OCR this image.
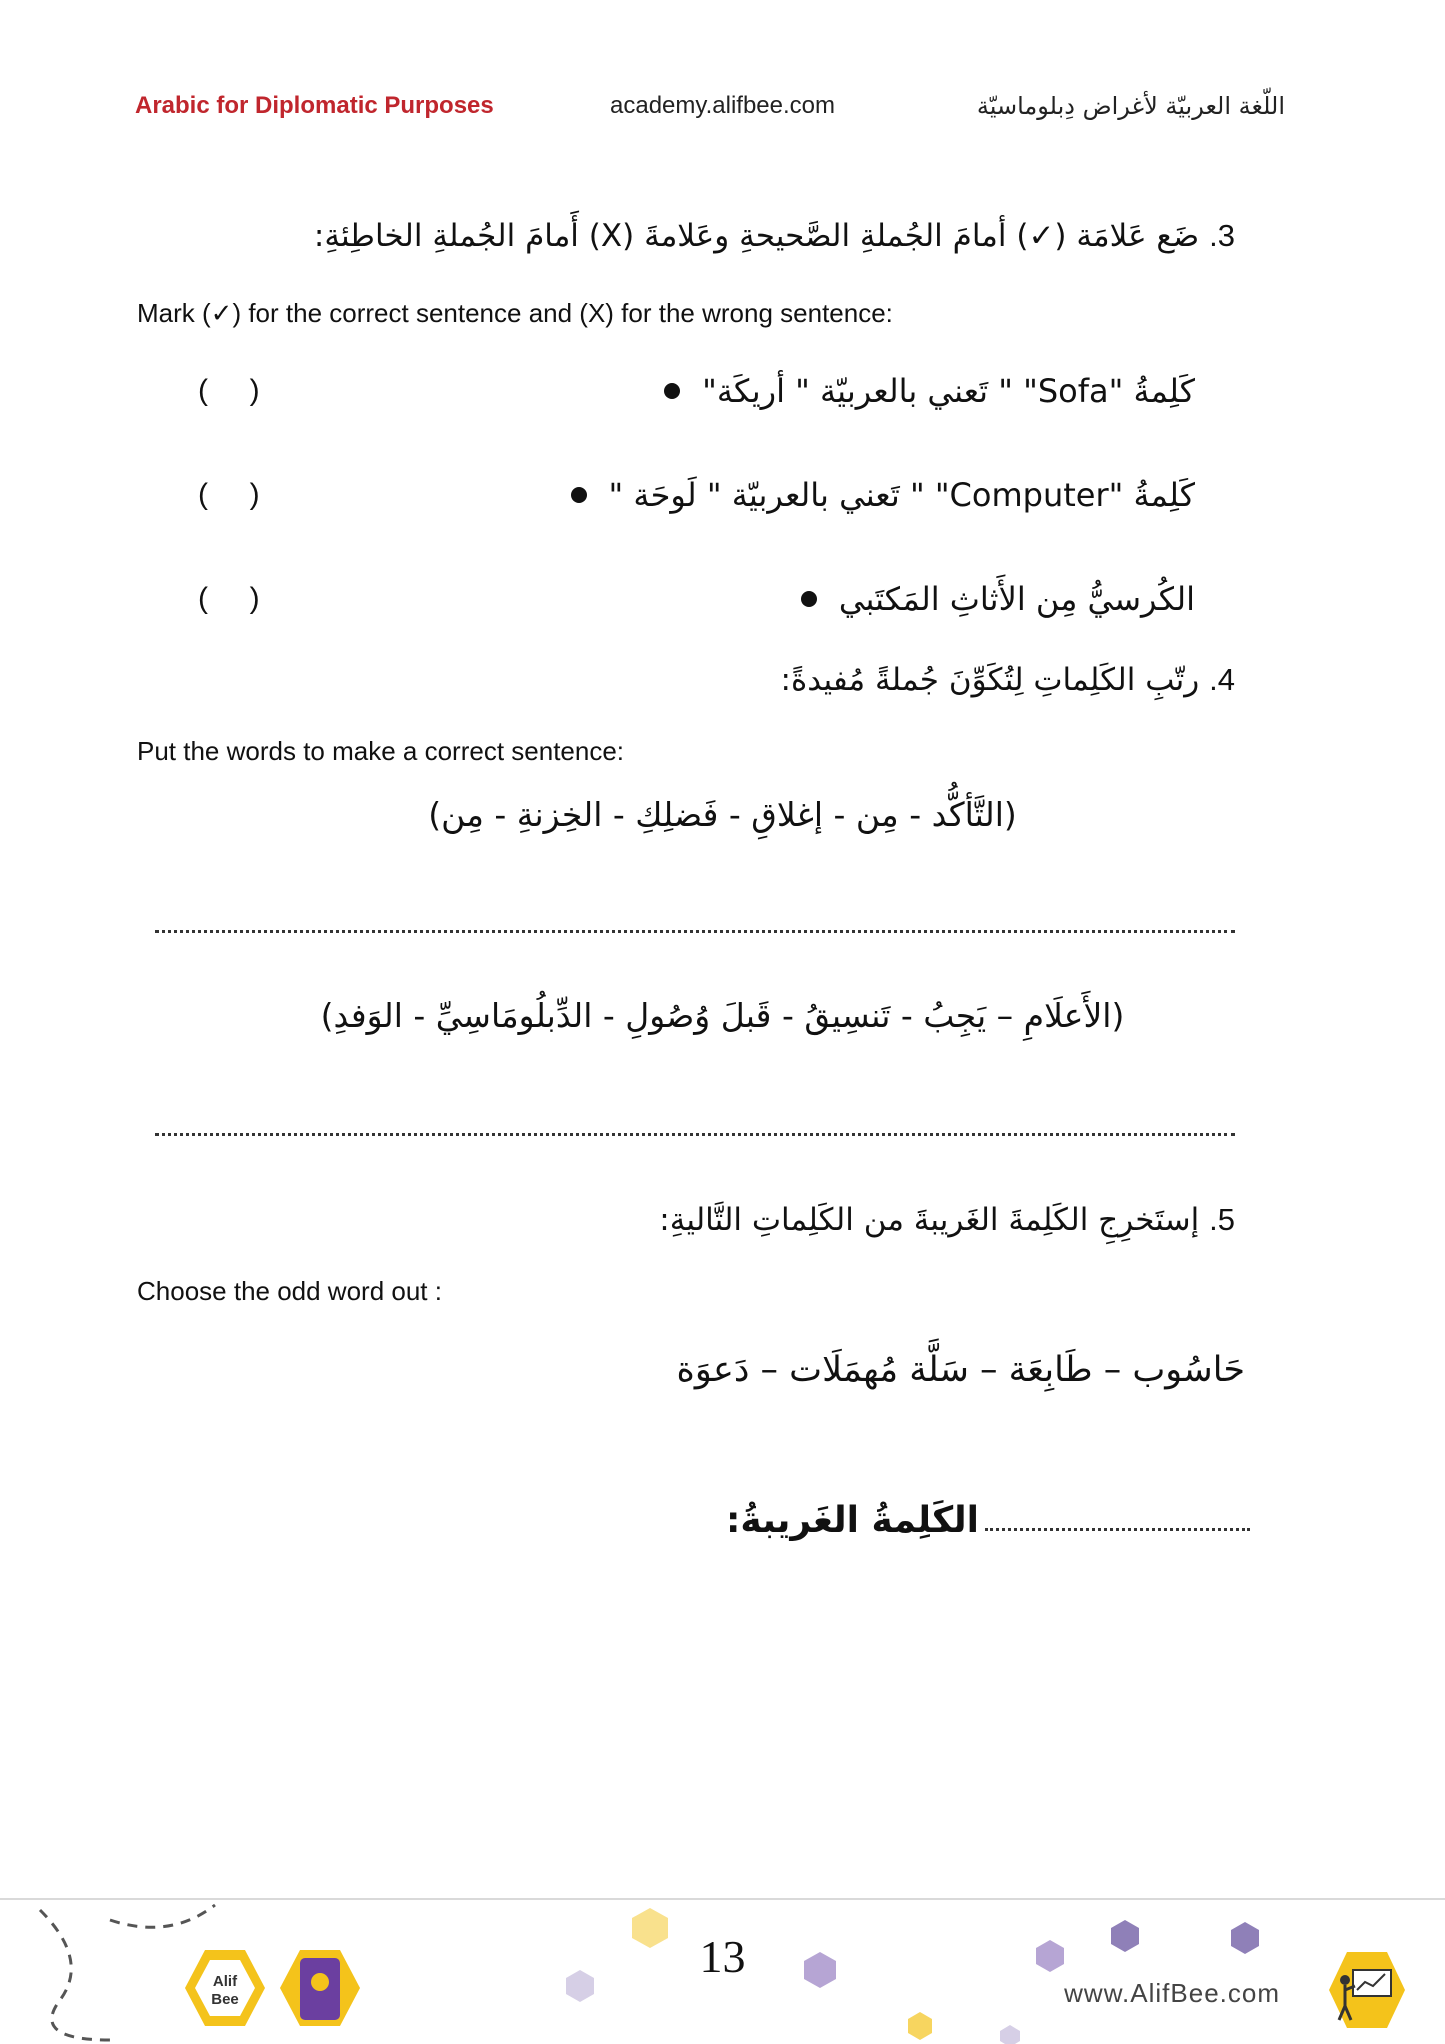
Arabic for Diplomatic Purposes	academy.alifbee.com	اللّغة العربيّة لأغراض دِبلوماسيّة
3. ضَع عَلامَة (✓) أمامَ الجُملةِ الصَّحيحةِ وعَلامةَ (X) أَمامَ الجُملةِ الخاطِئةِ:
Mark (✓) for the correct sentence and (X) for the wrong sentence:
كَلِمةُ "Sofa" " تَعني بالعربيّة " أريكَة"
(     )
كَلِمةُ "Computer" " تَعني بالعربيّة " لَوحَة "
(     )
الكُرسيُّ مِن الأَثاثِ المَكتَبي
(     )
4. رتّبِ الكَلِماتِ لِتُكَوِّنَ جُملةً مُفيدةً:
Put the words to make a correct sentence:
(التَّأكُّد - مِن - إغلاقِ - فَضلِكِ - الخِزنةِ - مِن)
(الأَعلَامِ – يَجِبُ - تَنسِيقُ - قَبلَ وُصُولِ - الدِّبلُومَاسِيِّ - الوَفدِ)
5. إستَخرِجِ الكَلِمةَ الغَريبةَ من الكَلِماتِ التَّاليةِ:
Choose the odd word out :
حَاسُوب – طَابِعَة – سَلَّة مُهمَلَات – دَعوَة
الكَلِمةُ الغَريبةُ:
Alif
Bee
13
www.AlifBee.com
